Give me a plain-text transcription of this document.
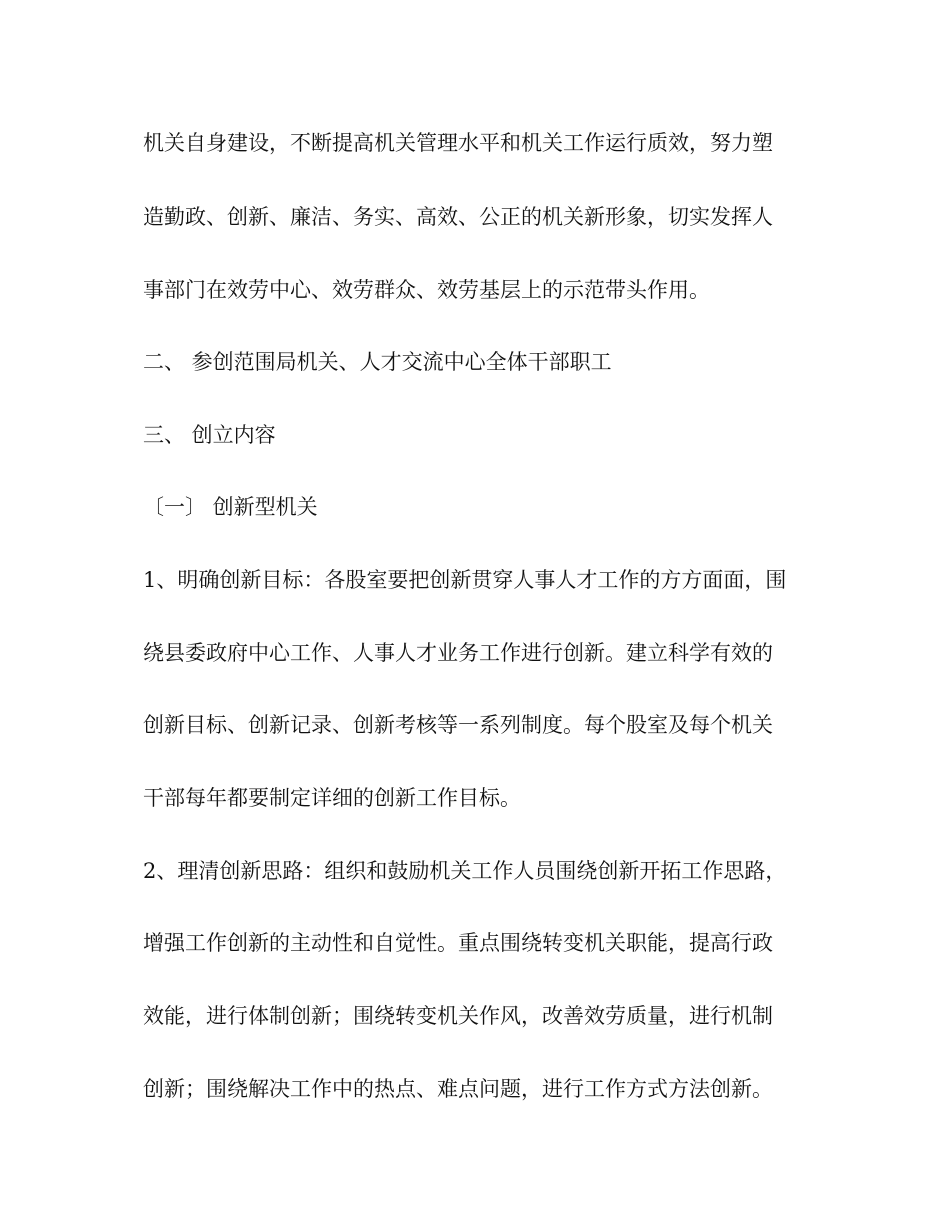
机关自身建设，不断提高机关管理水平和机关工作运行质效，努力塑
造勤政、创新、廉洁、务实、高效、公正的机关新形象，切实发挥人
事部门在效劳中心、效劳群众、效劳基层上的示范带头作用。
二、 参创范围局机关、人才交流中心全体干部职工
三、 创立内容
〔一〕 创新型机关
1、明确创新目标：各股室要把创新贯穿人事人才工作的方方面面，围
绕县委政府中心工作、人事人才业务工作进行创新。建立科学有效的
创新目标、创新记录、创新考核等一系列制度。每个股室及每个机关
干部每年都要制定详细的创新工作目标。
2、理清创新思路：组织和鼓励机关工作人员围绕创新开拓工作思路，
增强工作创新的主动性和自觉性。重点围绕转变机关职能，提高行政
效能，进行体制创新；围绕转变机关作风，改善效劳质量，进行机制
创新；围绕解决工作中的热点、难点问题，进行工作方式方法创新。
